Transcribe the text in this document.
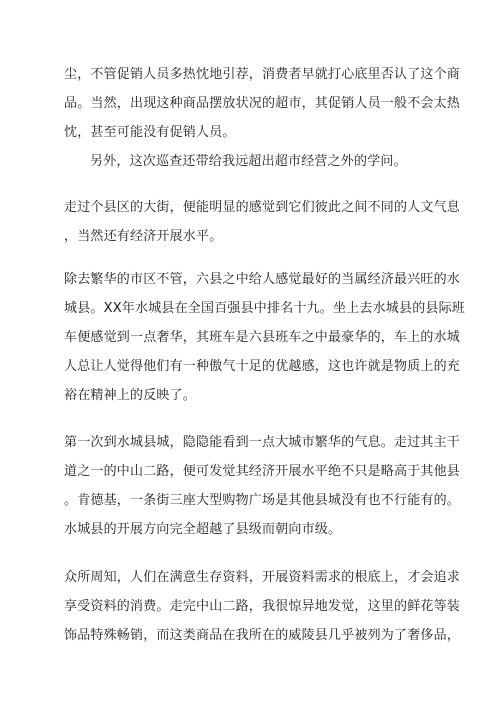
尘，不管促销人员多热忱地引荐，消费者早就打心底里否认了这个商
品。当然，出现这种商品摆放状况的超市，其促销人员一般不会太热
忱，甚至可能没有促销人员。
另外，这次巡查还带给我远超出超市经营之外的学问。
走过个县区的大街，便能明显的感觉到它们彼此之间不同的人文气息
，当然还有经济开展水平。
除去繁华的市区不管，六县之中给人感觉最好的当属经济最兴旺的水
城县。XX年水城县在全国百强县中排名十九。坐上去水城县的县际班
车便感觉到一点奢华，其班车是六县班车之中最豪华的，车上的水城
人总让人觉得他们有一种傲气十足的优越感，这也许就是物质上的充
裕在精神上的反映了。
第一次到水城县城，隐隐能看到一点大城市繁华的气息。走过其主干
道之一的中山二路，便可发觉其经济开展水平绝不只是略高于其他县
。肯德基，一条街三座大型购物广场是其他县城没有也不行能有的。
水城县的开展方向完全超越了县级而朝向市级。
众所周知，人们在满意生存资料，开展资料需求的根底上，才会追求
享受资料的消费。走完中山二路，我很惊异地发觉，这里的鲜花等装
饰品特殊畅销，而这类商品在我所在的威陵县几乎被列为了奢侈品，
